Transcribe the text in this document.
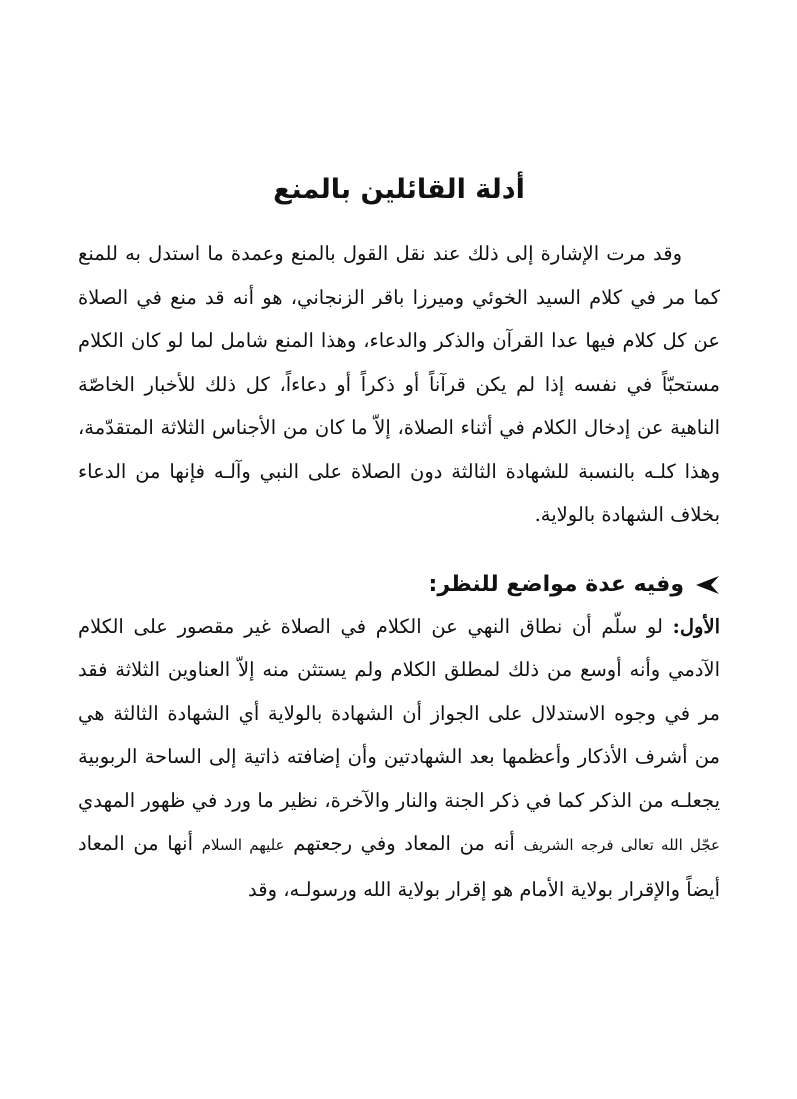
أدلة القائلين بالمنع

وقد مرت الإشارة إلى ذلك عند نقل القول بالمنع وعمدة ما استدل به للمنع كما مر في كلام السيد الخوئي وميرزا باقر الزنجاني، هو أنه قد منع في الصلاة عن كل كلام فيها عدا القرآن والذكر والدعاء، وهذا المنع شامل لما لو كان الكلام مستحبّاً في نفسه إذا لم يكن قرآناً أو ذكراً أو دعاءاً، كل ذلك للأخبار الخاصّة الناهية عن إدخال الكلام في أثناء الصلاة، إلاّ ما كان من الأجناس الثلاثة المتقدّمة، وهذا كلـه بالنسبة للشهادة الثالثة دون الصلاة على النبي وآلـه فإنها من الدعاء بخلاف الشهادة بالولاية.

وفيه عدة مواضع للنظر:

الأول: لو سلّم أن نطاق النهي عن الكلام في الصلاة غير مقصور على الكلام الآدمي وأنه أوسع من ذلك لمطلق الكلام ولم يستثن منه إلاّ العناوين الثلاثة فقد مر في وجوه الاستدلال على الجواز أن الشهادة بالولاية أي الشهادة الثالثة هي من أشرف الأذكار وأعظمها بعد الشهادتين وأن إضافته ذاتية إلى الساحة الربوبية يجعلـه من الذكر كما في ذكر الجنة والنار والآخرة، نظير ما ورد في ظهور المهدي عجّل الله تعالى فرجه الشريف أنه من المعاد وفي رجعتهم عليهم السلام أنها من المعاد أيضاً والإقرار بولاية الأمام هو إقرار بولاية الله ورسولـه، وقد
